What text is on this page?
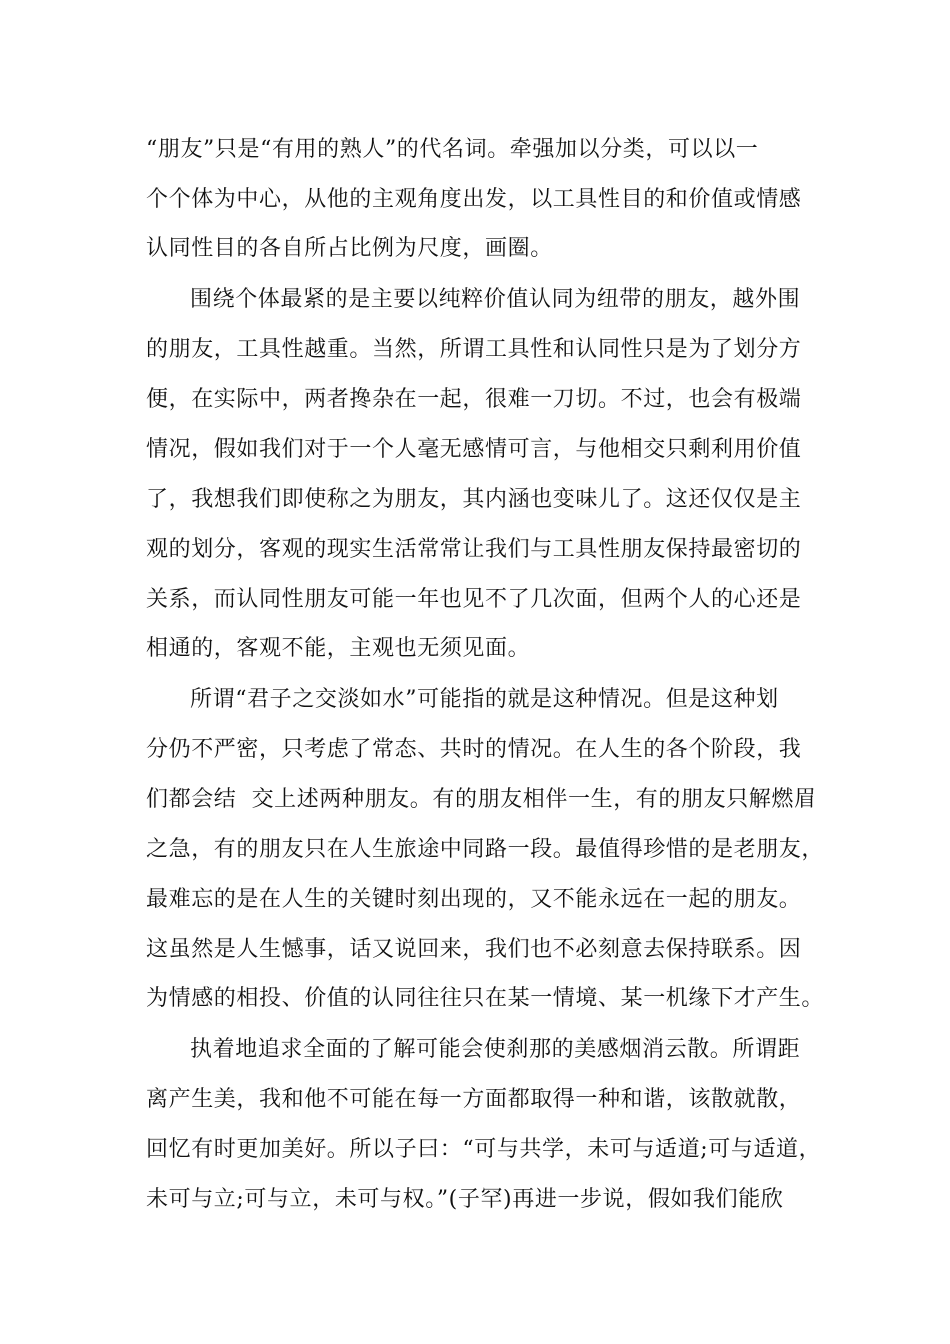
“朋友”只是“有用的熟人”的代名词。牵强加以分类，可以以一
个个体为中心，从他的主观角度出发，以工具性目的和价值或情感
认同性目的各自所占比例为尺度，画圈。
围绕个体最紧的是主要以纯粹价值认同为纽带的朋友，越外围
的朋友，工具性越重。当然，所谓工具性和认同性只是为了划分方
便，在实际中，两者搀杂在一起，很难一刀切。不过，也会有极端
情况，假如我们对于一个人毫无感情可言，与他相交只剩利用价值
了，我想我们即使称之为朋友，其内涵也变味儿了。这还仅仅是主
观的划分，客观的现实生活常常让我们与工具性朋友保持最密切的
关系，而认同性朋友可能一年也见不了几次面，但两个人的心还是
相通的，客观不能，主观也无须见面。
所谓“君子之交淡如水”可能指的就是这种情况。但是这种划
分仍不严密，只考虑了常态、共时的情况。在人生的各个阶段，我
们都会结  交上述两种朋友。有的朋友相伴一生，有的朋友只解燃眉
之急，有的朋友只在人生旅途中同路一段。最值得珍惜的是老朋友，
最难忘的是在人生的关键时刻出现的，又不能永远在一起的朋友。
这虽然是人生憾事，话又说回来，我们也不必刻意去保持联系。因
为情感的相投、价值的认同往往只在某一情境、某一机缘下才产生。
执着地追求全面的了解可能会使刹那的美感烟消云散。所谓距
离产生美，我和他不可能在每一方面都取得一种和谐，该散就散，
回忆有时更加美好。所以子曰：“可与共学，未可与适道;可与适道，
未可与立;可与立，未可与权。”(子罕)再进一步说，假如我们能欣
